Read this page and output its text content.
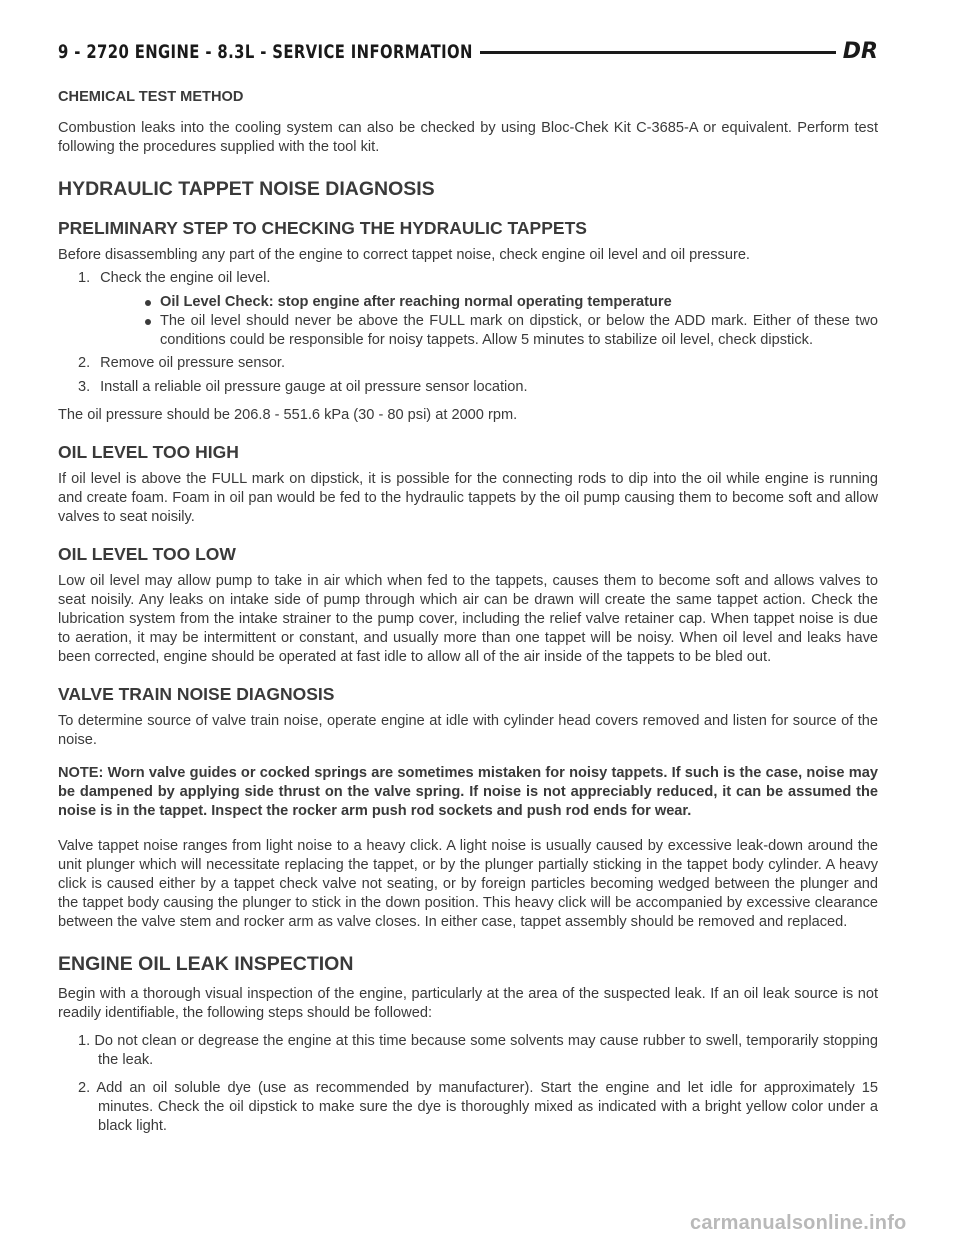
9 - 2720 ENGINE - 8.3L - SERVICE INFORMATION	DR
CHEMICAL TEST METHOD

Combustion leaks into the cooling system can also be checked by using Bloc-Chek Kit C-3685-A or equivalent. Perform test following the procedures supplied with the tool kit.

HYDRAULIC TAPPET NOISE DIAGNOSIS
PRELIMINARY STEP TO CHECKING THE HYDRAULIC TAPPETS

Before disassembling any part of the engine to correct tappet noise, check engine oil level and oil pressure.

1. Check the engine oil level.

Oil Level Check: stop engine after reaching normal operating temperature

The oil level should never be above the FULL mark on dipstick, or below the ADD mark. Either of these two conditions could be responsible for noisy tappets. Allow 5 minutes to stabilize oil level, check dipstick.

2. Remove oil pressure sensor.
3. Install a reliable oil pressure gauge at oil pressure sensor location.

The oil pressure should be 206.8 - 551.6 kPa (30 - 80 psi) at 2000 rpm.

OIL LEVEL TOO HIGH

If oil level is above the FULL mark on dipstick, it is possible for the connecting rods to dip into the oil while engine is running and create foam. Foam in oil pan would be fed to the hydraulic tappets by the oil pump causing them to become soft and allow valves to seat noisily.

OIL LEVEL TOO LOW

Low oil level may allow pump to take in air which when fed to the tappets, causes them to become soft and allows valves to seat noisily. Any leaks on intake side of pump through which air can be drawn will create the same tappet action. Check the lubrication system from the intake strainer to the pump cover, including the relief valve retainer cap. When tappet noise is due to aeration, it may be intermittent or constant, and usually more than one tappet will be noisy. When oil level and leaks have been corrected, engine should be operated at fast idle to allow all of the air inside of the tappets to be bled out.

VALVE TRAIN NOISE DIAGNOSIS

To determine source of valve train noise, operate engine at idle with cylinder head covers removed and listen for source of the noise.

NOTE: Worn valve guides or cocked springs are sometimes mistaken for noisy tappets. If such is the case, noise may be dampened by applying side thrust on the valve spring. If noise is not appreciably reduced, it can be assumed the noise is in the tappet. Inspect the rocker arm push rod sockets and push rod ends for wear.

Valve tappet noise ranges from light noise to a heavy click. A light noise is usually caused by excessive leak-down around the unit plunger which will necessitate replacing the tappet, or by the plunger partially sticking in the tappet body cylinder. A heavy click is caused either by a tappet check valve not seating, or by foreign particles becoming wedged between the plunger and the tappet body causing the plunger to stick in the down position. This heavy click will be accompanied by excessive clearance between the valve stem and rocker arm as valve closes. In either case, tappet assembly should be removed and replaced.

ENGINE OIL LEAK INSPECTION

Begin with a thorough visual inspection of the engine, particularly at the area of the suspected leak. If an oil leak source is not readily identifiable, the following steps should be followed:

1. Do not clean or degrease the engine at this time because some solvents may cause rubber to swell, temporarily stopping the leak.

2. Add an oil soluble dye (use as recommended by manufacturer). Start the engine and let idle for approximately 15 minutes. Check the oil dipstick to make sure the dye is thoroughly mixed as indicated with a bright yellow color under a black light.

carmanualsonline.info
